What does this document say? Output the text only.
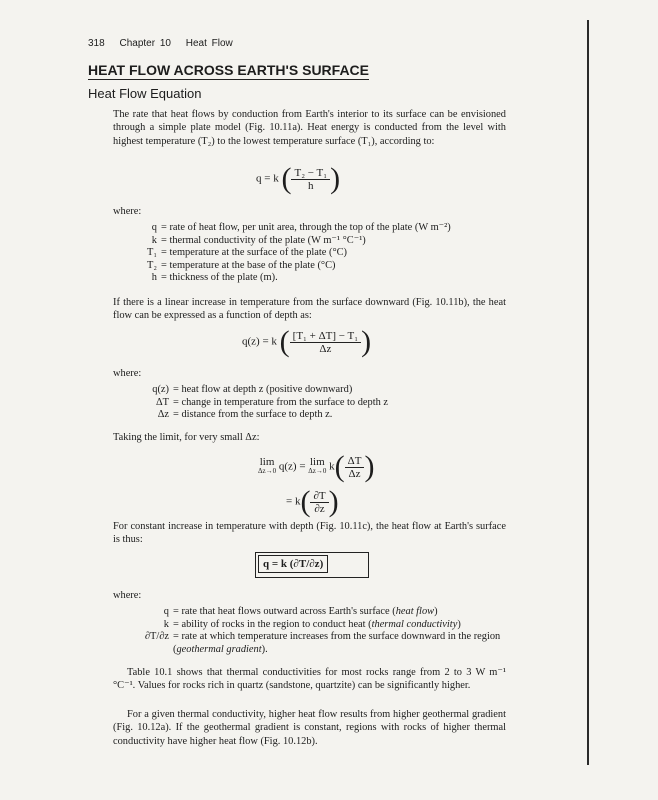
318 Chapter 10 Heat Flow
HEAT FLOW ACROSS EARTH'S SURFACE
Heat Flow Equation
The rate that heat flows by conduction from Earth's interior to its surface can be envisioned through a simple plate model (Fig. 10.11a). Heat energy is conducted from the level with highest temperature (T₂) to the lowest temperature surface (T₁), according to:
q = k ( $\frac{\text{T₂ − T₁}}{h}$ )
where:
q = rate of heat flow, per unit area, through the top of the plate (W m⁻²)
k = thermal conductivity of the plate (W m⁻¹ °C⁻¹)
T₁ = temperature at the surface of the plate (°C)
T₂ = temperature at the base of the plate (°C)
h = thickness of the plate (m).
If there is a linear increase in temperature from the surface downward (Fig. 10.11b), the heat flow can be expressed as a function of depth as:
q(z) = k ( $\frac{\text{[T₁ + ΔT] − T₁}}{\Delta z}$ )
where:
q(z) = heat flow at depth z (positive downward)
ΔT = change in temperature from the surface to depth z
Δz = distance from the surface to depth z.
Taking the limit, for very small Δz:
lim
Δz→0 q(z) = lim
Δz→0 $k( \frac{\Delta T}{\Delta z}$ )
= $k( \frac{\partial T}{\partial z}$ )
For constant increase in temperature with depth (Fig. 10.11c), the heat flow at Earth's surface is thus:
q = k (∂T/∂z)
where:
q = rate that heat flows outward across Earth's surface (heat flow)
k = ability of rocks in the region to conduct heat (thermal conductivity)
∂T/∂z = rate at which temperature increases from the surface downward in the region (geothermal gradient).
Table 10.1 shows that thermal conductivities for most rocks range from 2 to 3 W m⁻¹ °C⁻¹. Values for rocks rich in quartz (sandstone, quartzite) can be significantly higher.
For a given thermal conductivity, higher heat flow results from higher geothermal gradient (Fig. 10.12a). If the geothermal gradient is constant, regions with rocks of higher thermal conductivity have higher heat flow (Fig. 10.12b).
